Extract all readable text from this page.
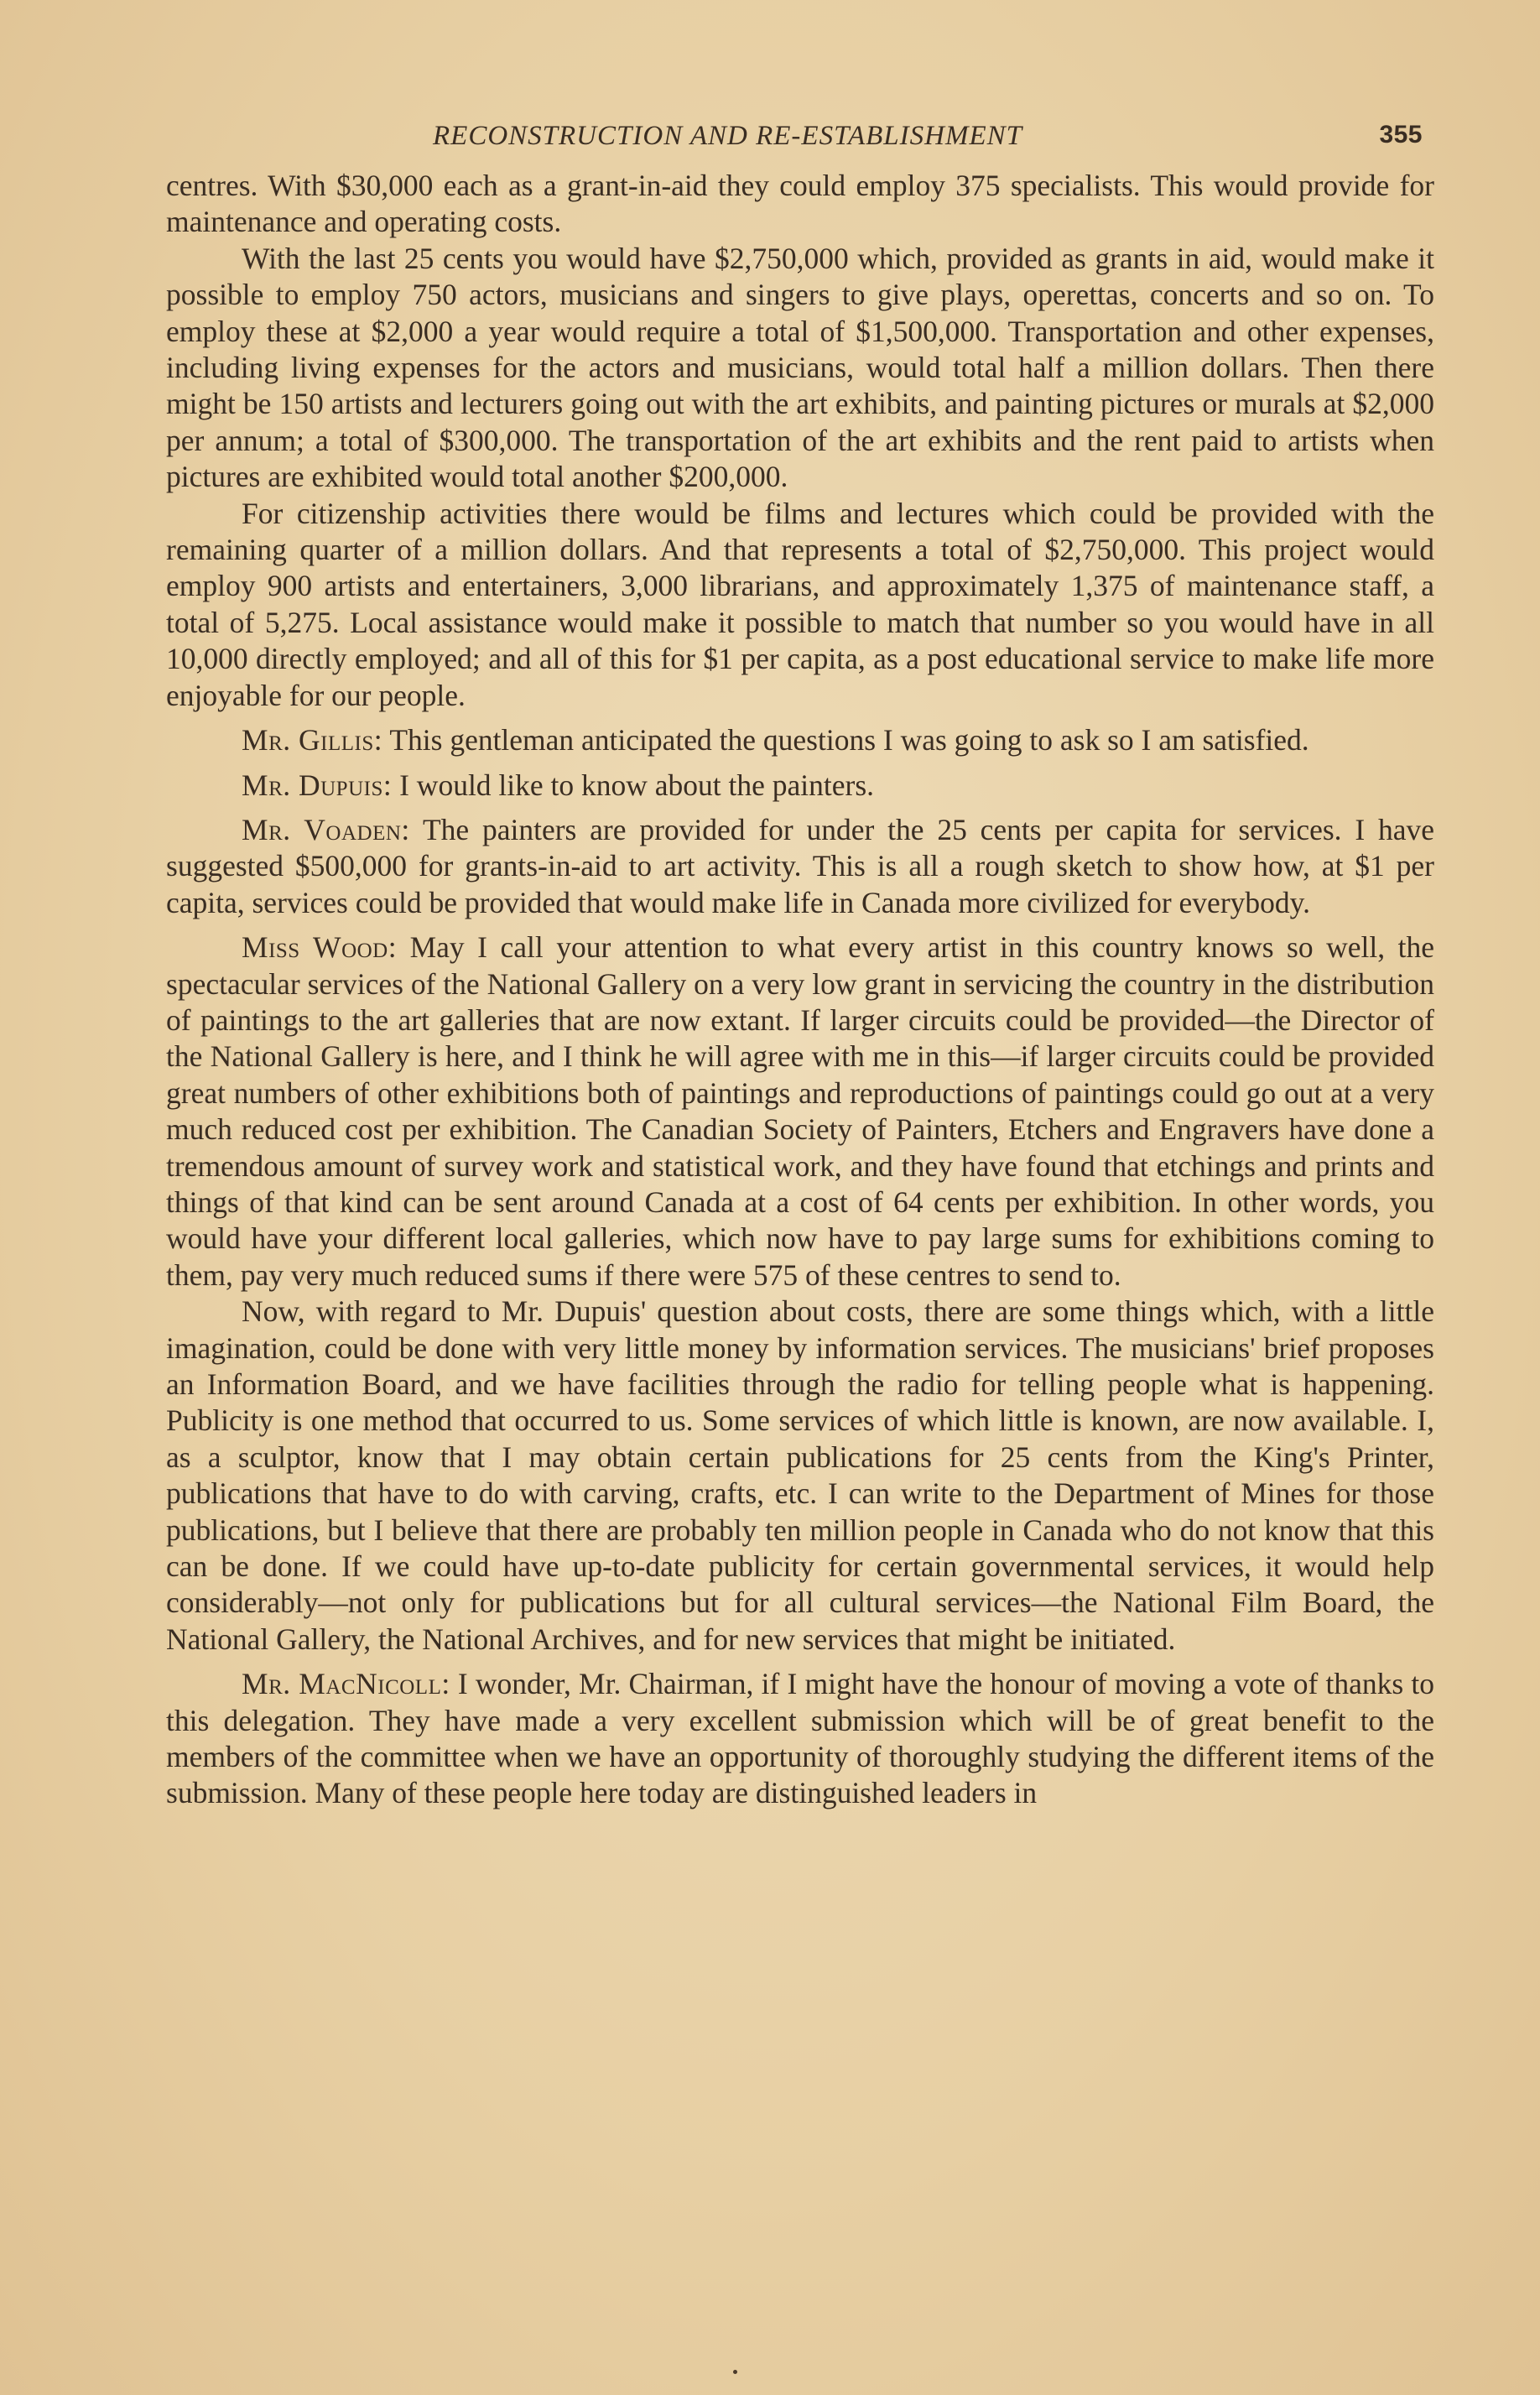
RECONSTRUCTION AND RE-ESTABLISHMENT	355

centres. With $30,000 each as a grant-in-aid they could employ 375 specialists. This would provide for maintenance and operating costs.

With the last 25 cents you would have $2,750,000 which, provided as grants in aid, would make it possible to employ 750 actors, musicians and singers to give plays, operettas, concerts and so on. To employ these at $2,000 a year would require a total of $1,500,000. Transportation and other expenses, including living expenses for the actors and musicians, would total half a million dollars. Then there might be 150 artists and lecturers going out with the art exhibits, and painting pictures or murals at $2,000 per annum; a total of $300,000. The transportation of the art exhibits and the rent paid to artists when pictures are exhibited would total another $200,000.

For citizenship activities there would be films and lectures which could be provided with the remaining quarter of a million dollars. And that represents a total of $2,750,000. This project would employ 900 artists and entertainers, 3,000 librarians, and approximately 1,375 of maintenance staff, a total of 5,275. Local assistance would make it possible to match that number so you would have in all 10,000 directly employed; and all of this for $1 per capita, as a post educational service to make life more enjoyable for our people.

Mr. Gillis: This gentleman anticipated the questions I was going to ask so I am satisfied.

Mr. Dupuis: I would like to know about the painters.

Mr. Voaden: The painters are provided for under the 25 cents per capita for services. I have suggested $500,000 for grants-in-aid to art activity. This is all a rough sketch to show how, at $1 per capita, services could be provided that would make life in Canada more civilized for everybody.

Miss Wood: May I call your attention to what every artist in this country knows so well, the spectacular services of the National Gallery on a very low grant in servicing the country in the distribution of paintings to the art galleries that are now extant. If larger circuits could be provided—the Director of the National Gallery is here, and I think he will agree with me in this—if larger circuits could be provided great numbers of other exhibitions both of paintings and reproductions of paintings could go out at a very much reduced cost per exhibition. The Canadian Society of Painters, Etchers and Engravers have done a tremendous amount of survey work and statistical work, and they have found that etchings and prints and things of that kind can be sent around Canada at a cost of 64 cents per exhibition. In other words, you would have your different local galleries, which now have to pay large sums for exhibitions coming to them, pay very much reduced sums if there were 575 of these centres to send to.

Now, with regard to Mr. Dupuis' question about costs, there are some things which, with a little imagination, could be done with very little money by information services. The musicians' brief proposes an Information Board, and we have facilities through the radio for telling people what is happening. Publicity is one method that occurred to us. Some services of which little is known, are now available. I, as a sculptor, know that I may obtain certain publications for 25 cents from the King's Printer, publications that have to do with carving, crafts, etc. I can write to the Department of Mines for those publications, but I believe that there are probably ten million people in Canada who do not know that this can be done. If we could have up-to-date publicity for certain governmental services, it would help considerably—not only for publications but for all cultural services—the National Film Board, the National Gallery, the National Archives, and for new services that might be initiated.

Mr. MacNicoll: I wonder, Mr. Chairman, if I might have the honour of moving a vote of thanks to this delegation. They have made a very excellent submission which will be of great benefit to the members of the committee when we have an opportunity of thoroughly studying the different items of the submission. Many of these people here today are distinguished leaders in
